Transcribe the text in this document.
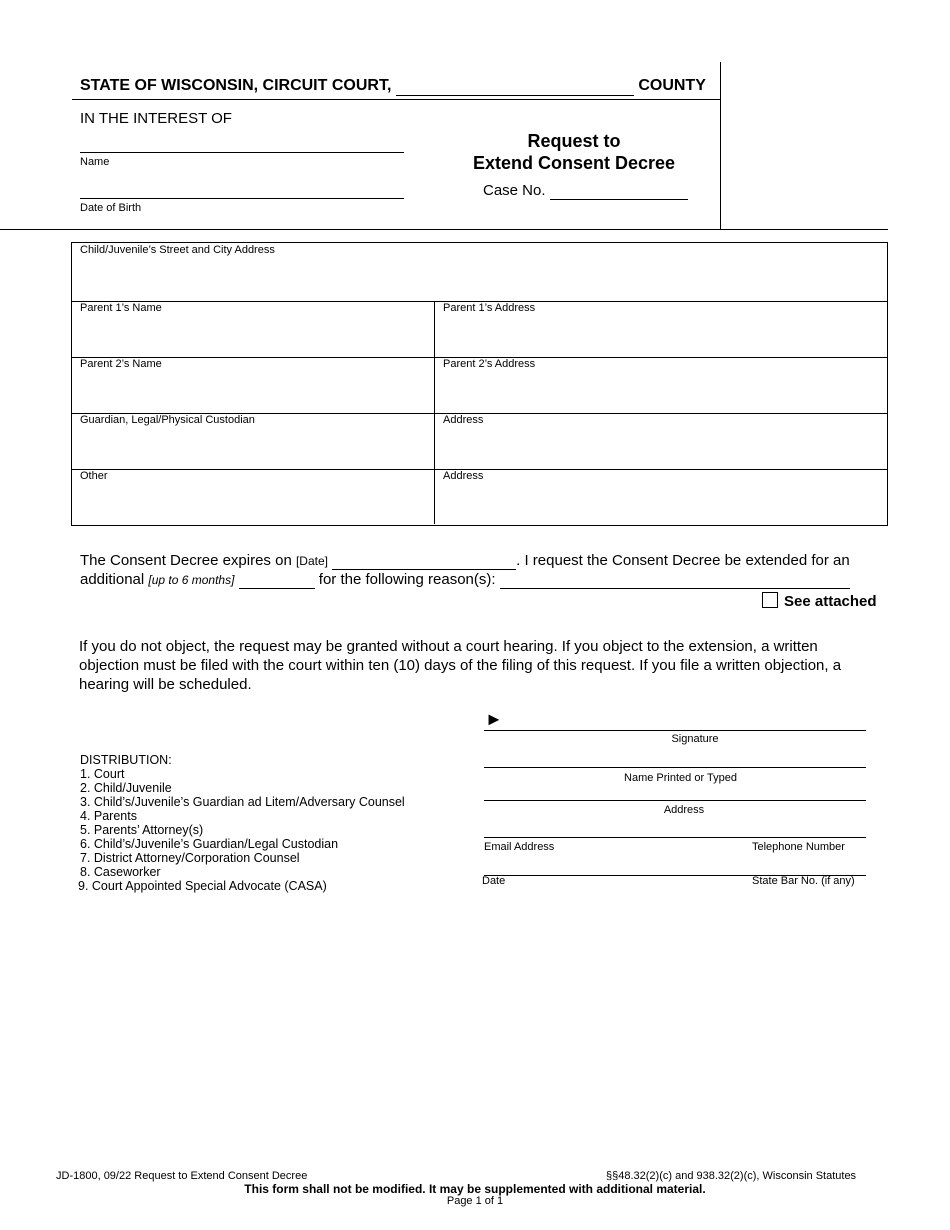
STATE OF WISCONSIN, CIRCUIT COURT,	COUNTY
IN THE INTEREST OF
Name
Date of Birth
Request to
Extend Consent Decree
Case No.
Child/Juvenile’s Street and City Address
Parent 1’s Name	Parent 1’s Address
Parent 2’s Name	Parent 2’s Address
Guardian, Legal/Physical Custodian	Address
Other	Address
The Consent Decree expires on [Date]	. I request the Consent Decree be extended for an
additional [up to 6 months]	for the following reason(s):
See attached
If you do not object, the request may be granted without a court hearing. If you object to the extension, a written objection must be filed with the court within ten (10) days of the filing of this request. If you file a written objection, a hearing will be scheduled.
DISTRIBUTION:
1. Court
2. Child/Juvenile
3. Child’s/Juvenile’s Guardian ad Litem/Adversary Counsel
4. Parents
5. Parents’ Attorney(s)
6. Child’s/Juvenile’s Guardian/Legal Custodian
7. District Attorney/Corporation Counsel
8. Caseworker
9. Court Appointed Special Advocate (CASA)
►
Signature
Name Printed or Typed
Address
Email Address	Telephone Number
Date	State Bar No. (if any)
JD-1800, 09/22 Request to Extend Consent Decree	§§48.32(2)(c) and 938.32(2)(c), Wisconsin Statutes
This form shall not be modified. It may be supplemented with additional material.
Page 1 of 1
